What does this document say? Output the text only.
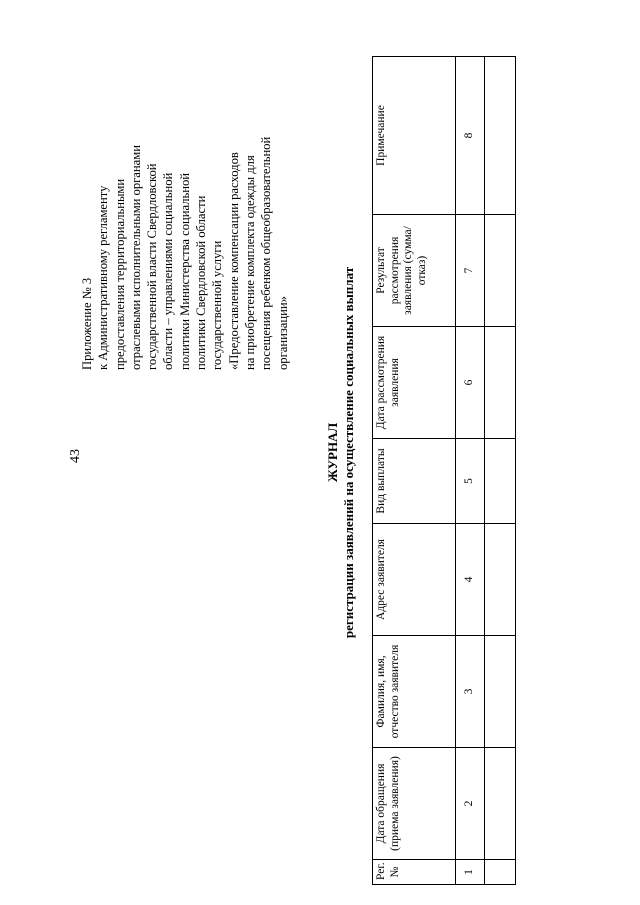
43
Приложение № 3 к Административному регламенту предоставления территориальными отраслевыми исполнительными органами государственной власти Свердловской области – управлениями социальной политики Министерства социальной политики Свердловской области государственной услуги «Предоставление компенсации расходов на приобретение комплекта одежды для посещения ребенком общеобразовательной организации»
ЖУРНАЛ регистрации заявлений на осуществление социальных выплат
Рег. №	Дата обращения (приема заявления)	Фамилия, имя, отчество заявителя	Адрес заявителя	Вид выплаты	Дата рассмотрения заявления	Результат рассмотрения заявления (сумма/отказ)	Примечание
1	2	3	4	5	6	7	8
